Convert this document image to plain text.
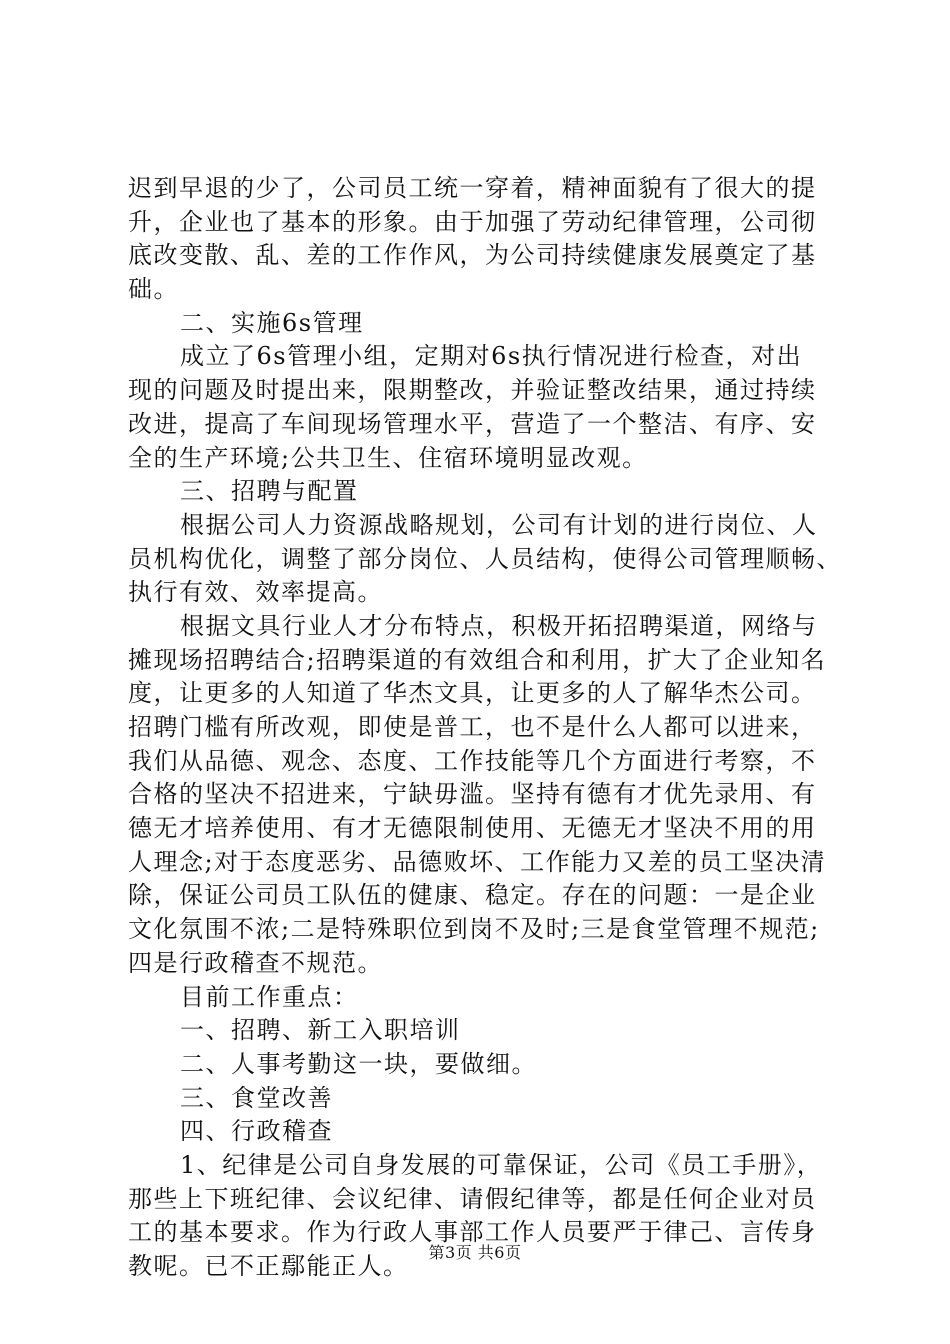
迟到早退的少了，公司员工统一穿着，精神面貌有了很大的提
升，企业也了基本的形象。由于加强了劳动纪律管理，公司彻
底改变散、乱、差的工作作风，为公司持续健康发展奠定了基
础。
二、实施6s管理
成立了6s管理小组，定期对6s执行情况进行检查，对出
现的问题及时提出来，限期整改，并验证整改结果，通过持续
改进，提高了车间现场管理水平，营造了一个整洁、有序、安
全的生产环境;公共卫生、住宿环境明显改观。
三、招聘与配置
根据公司人力资源战略规划，公司有计划的进行岗位、人
员机构优化，调整了部分岗位、人员结构，使得公司管理顺畅、
执行有效、效率提高。
根据文具行业人才分布特点，积极开拓招聘渠道，网络与
摊现场招聘结合;招聘渠道的有效组合和利用，扩大了企业知名
度，让更多的人知道了华杰文具，让更多的人了解华杰公司。
招聘门槛有所改观，即使是普工，也不是什么人都可以进来，
我们从品德、观念、态度、工作技能等几个方面进行考察，不
合格的坚决不招进来，宁缺毋滥。坚持有德有才优先录用、有
德无才培养使用、有才无德限制使用、无德无才坚决不用的用
人理念;对于态度恶劣、品德败坏、工作能力又差的员工坚决清
除，保证公司员工队伍的健康、稳定。存在的问题：一是企业
文化氛围不浓;二是特殊职位到岗不及时;三是食堂管理不规范;
四是行政稽查不规范。
目前工作重点：
一、招聘、新工入职培训
二、人事考勤这一块，要做细。
三、食堂改善
四、行政稽查
1、纪律是公司自身发展的可靠保证，公司《员工手册》，
那些上下班纪律、会议纪律、请假纪律等，都是任何企业对员
工的基本要求。作为行政人事部工作人员要严于律己、言传身
教呢。已不正鄢能正人。	第3页 共6页
